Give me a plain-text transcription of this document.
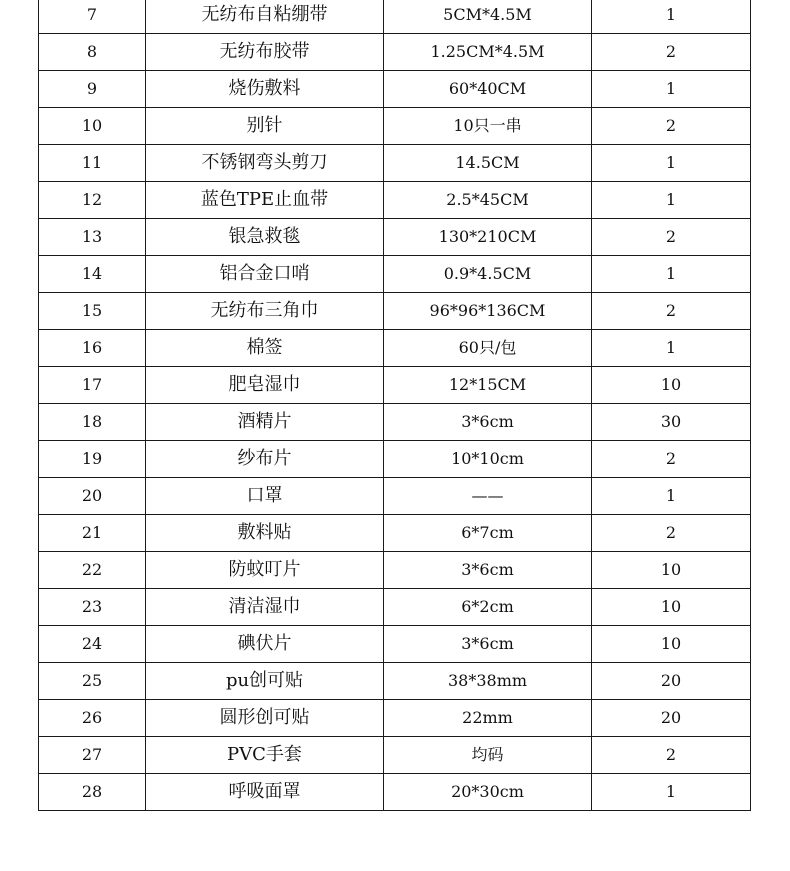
7	无纺布自粘绷带	5CM*4.5M	1
8	无纺布胶带	1.25CM*4.5M	2
9	烧伤敷料	60*40CM	1
10	别针	10只一串	2
11	不锈钢弯头剪刀	14.5CM	1
12	蓝色TPE止血带	2.5*45CM	1
13	银急救毯	130*210CM	2
14	铝合金口哨	0.9*4.5CM	1
15	无纺布三角巾	96*96*136CM	2
16	棉签	60只/包	1
17	肥皂湿巾	12*15CM	10
18	酒精片	3*6cm	30
19	纱布片	10*10cm	2
20	口罩	——	1
21	敷料贴	6*7cm	2
22	防蚊叮片	3*6cm	10
23	清洁湿巾	6*2cm	10
24	碘伏片	3*6cm	10
25	pu创可贴	38*38mm	20
26	圆形创可贴	22mm	20
27	PVC手套	均码	2
28	呼吸面罩	20*30cm	1
